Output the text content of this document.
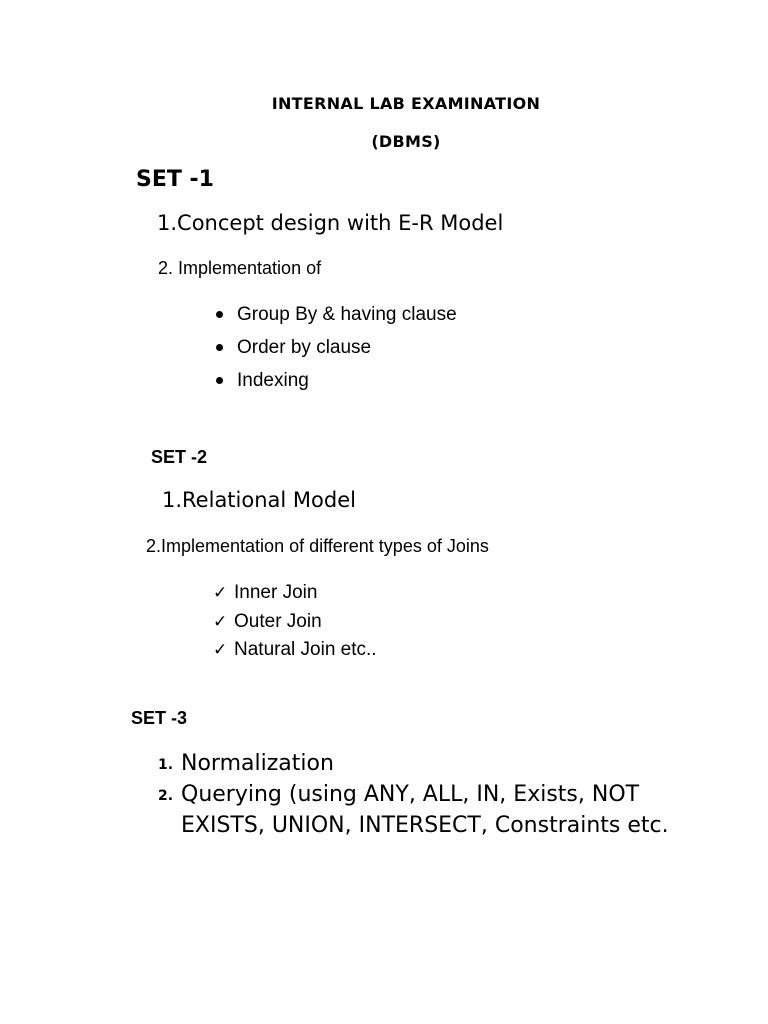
INTERNAL LAB EXAMINATION
(DBMS)
SET -1
1.Concept design with E-R Model
2. Implementation of
Group By & having clause
Order by clause
Indexing
SET -2
1.Relational Model
2.Implementation of different types of Joins
✓ Inner Join
✓ Outer Join
✓ Natural Join etc..
SET -3
1. Normalization
2. Querying (using ANY, ALL, IN, Exists, NOT EXISTS, UNION, INTERSECT, Constraints etc.
